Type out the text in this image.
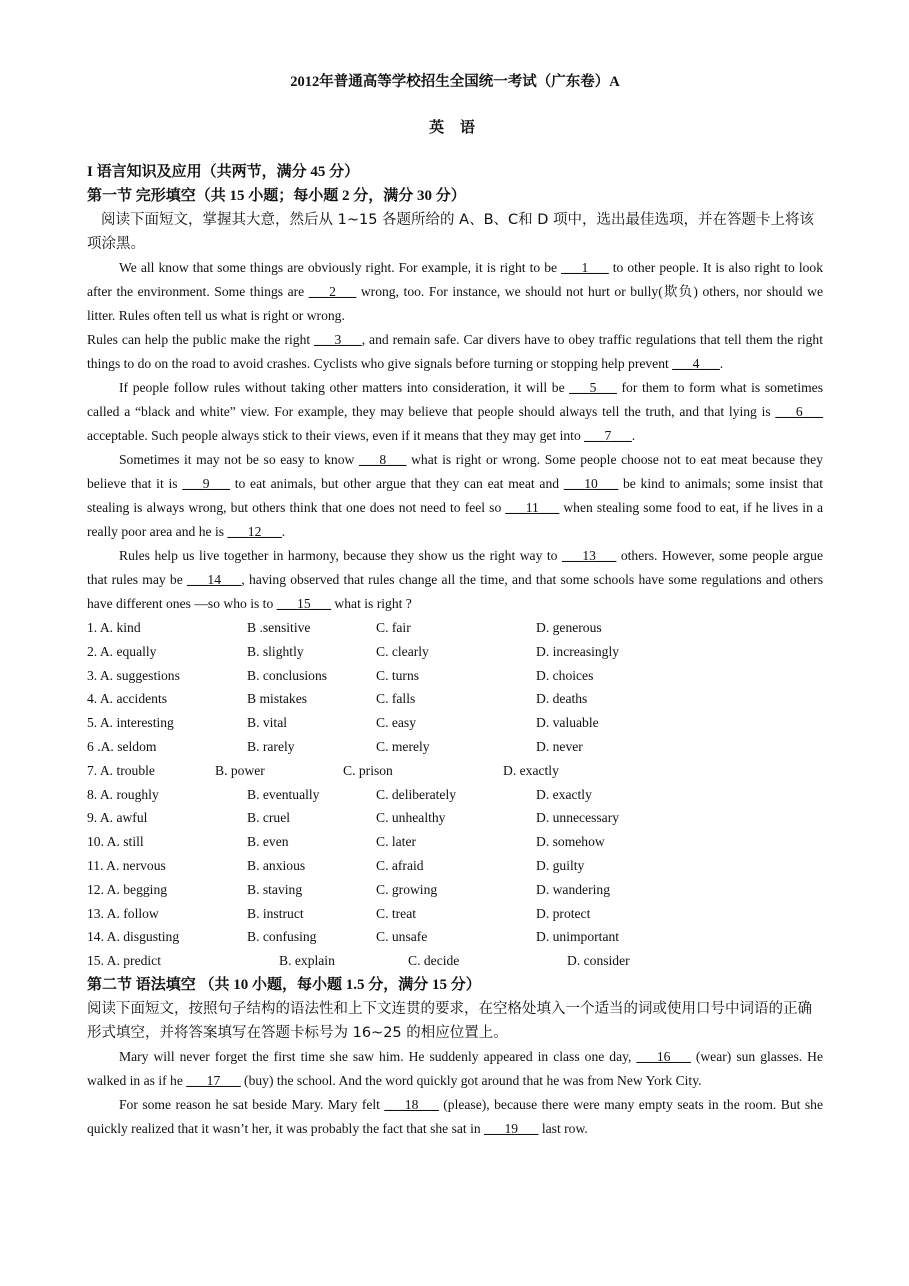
2012年普通高等学校招生全国统一考试（广东卷）A
英 语
I 语言知识及应用（共两节，满分 45 分）
第一节 完形填空（共 15 小题；每小题 2 分，满分 30 分）
阅读下面短文，掌握其大意，然后从 1~15 各题所给的 A、B、C和 D 项中，选出最佳选项，并在答题卡上将该项涂黑。

We all know that some things are obviously right. For example, it is right to be ___1___ to other people. It is also right to look after the environment. Some things are ___2___ wrong, too. For instance, we should not hurt or bully(欺负) others, nor should we litter. Rules often tell us what is right or wrong.

Rules can help the public make the right ___3___, and remain safe. Car divers have to obey traffic regulations that tell them the right things to do on the road to avoid crashes. Cyclists who give signals before turning or stopping help prevent ___4___.

If people follow rules without taking other matters into consideration, it will be ___5___ for them to form what is sometimes called a “black and white” view. For example, they may believe that people should always tell the truth, and that lying is ___6___ acceptable. Such people always stick to their views, even if it means that they may get into ___7___.

Sometimes it may not be so easy to know ___8___ what is right or wrong. Some people choose not to eat meat because they believe that it is ___9___ to eat animals, but other argue that they can eat meat and ___10___ be kind to animals; some insist that stealing is always wrong, but others think that one does not need to feel so ___11___ when stealing some food to eat, if he lives in a really poor area and he is ___12___.

Rules help us live together in harmony, because they show us the right way to ___13___ others. However, some people argue that rules may be ___14___, having observed that rules change all the time, and that some schools have some regulations and others have different ones —so who is to ___15___ what is right ?

1. A. kind	B .sensitive	C. fair	D. generous
2. A. equally	B. slightly	C. clearly	D. increasingly
3. A. suggestions	B. conclusions	C. turns	D. choices
4. A. accidents	B mistakes	C. falls	D. deaths
5. A. interesting	B. vital	C. easy	D. valuable
6 .A. seldom	B. rarely	C. merely	D. never
7. A. trouble	B. power	C. prison	D. exactly
8. A. roughly	B. eventually	C. deliberately	D. exactly
9. A. awful	B. cruel	C. unhealthy	D. unnecessary
10. A. still	B. even	C. later	D. somehow
11. A. nervous	B. anxious	C. afraid	D. guilty
12. A. begging	B. staving	C. growing	D. wandering
13. A. follow	B. instruct	C. treat	D. protect
14. A. disgusting	B. confusing	C. unsafe	D. unimportant
15. A. predict	B. explain	C. decide	D. consider
第二节 语法填空 （共 10 小题，每小题 1.5 分，满分 15 分）
阅读下面短文，按照句子结构的语法性和上下文连贯的要求，在空格处填入一个适当的词或使用口号中词语的正确形式填空，并将答案填写在答题卡标号为 16~25 的相应位置上。

Mary will never forget the first time she saw him. He suddenly appeared in class one day, ___16___ (wear) sun glasses. He walked in as if he ___17___ (buy) the school. And the word quickly got around that he was from New York City.

For some reason he sat beside Mary. Mary felt ___18___ (please), because there were many empty seats in the room. But she quickly realized that it wasn’t her, it was probably the fact that she sat in ___19___ last row.
